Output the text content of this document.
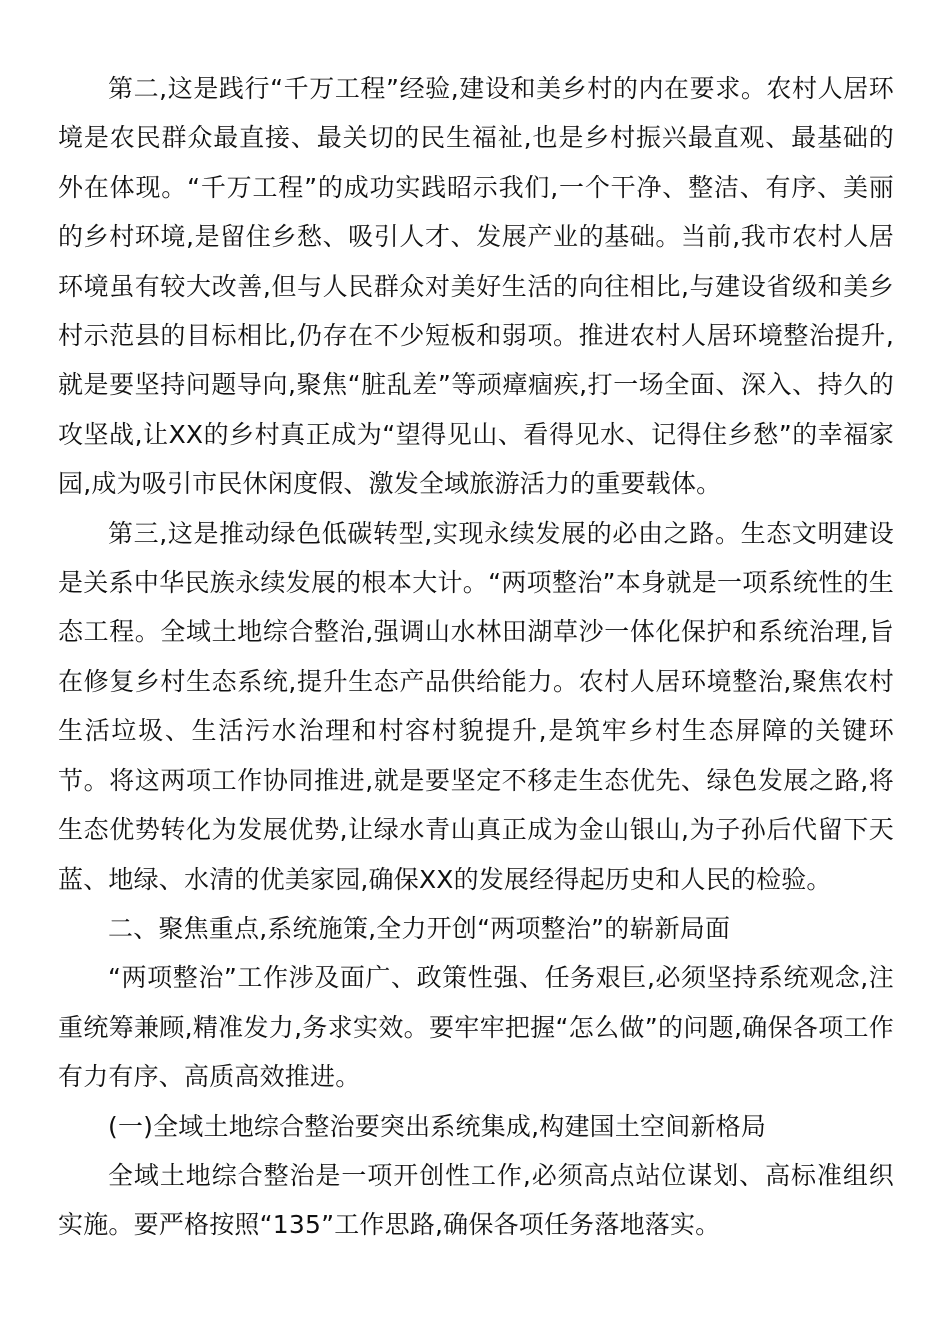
第二,这是践行“千万工程”经验,建设和美乡村的内在要求。农村人居环境是农民群众最直接、最关切的民生福祉,也是乡村振兴最直观、最基础的外在体现。“千万工程”的成功实践昭示我们,一个干净、整洁、有序、美丽的乡村环境,是留住乡愁、吸引人才、发展产业的基础。当前,我市农村人居环境虽有较大改善,但与人民群众对美好生活的向往相比,与建设省级和美乡村示范县的目标相比,仍存在不少短板和弱项。推进农村人居环境整治提升,就是要坚持问题导向,聚焦“脏乱差”等顽瘴痼疾,打一场全面、深入、持久的攻坚战,让XX的乡村真正成为“望得见山、看得见水、记得住乡愁”的幸福家园,成为吸引市民休闲度假、激发全域旅游活力的重要载体。

第三,这是推动绿色低碳转型,实现永续发展的必由之路。生态文明建设是关系中华民族永续发展的根本大计。“两项整治”本身就是一项系统性的生态工程。全域土地综合整治,强调山水林田湖草沙一体化保护和系统治理,旨在修复乡村生态系统,提升生态产品供给能力。农村人居环境整治,聚焦农村生活垃圾、生活污水治理和村容村貌提升,是筑牢乡村生态屏障的关键环节。将这两项工作协同推进,就是要坚定不移走生态优先、绿色发展之路,将生态优势转化为发展优势,让绿水青山真正成为金山银山,为子孙后代留下天蓝、地绿、水清的优美家园,确保XX的发展经得起历史和人民的检验。

二、聚焦重点,系统施策,全力开创“两项整治”的崭新局面

“两项整治”工作涉及面广、政策性强、任务艰巨,必须坚持系统观念,注重统筹兼顾,精准发力,务求实效。要牢牢把握“怎么做”的问题,确保各项工作有力有序、高质高效推进。

(一)全域土地综合整治要突出系统集成,构建国土空间新格局

全域土地综合整治是一项开创性工作,必须高点站位谋划、高标准组织实施。要严格按照“135”工作思路,确保各项任务落地落实。
